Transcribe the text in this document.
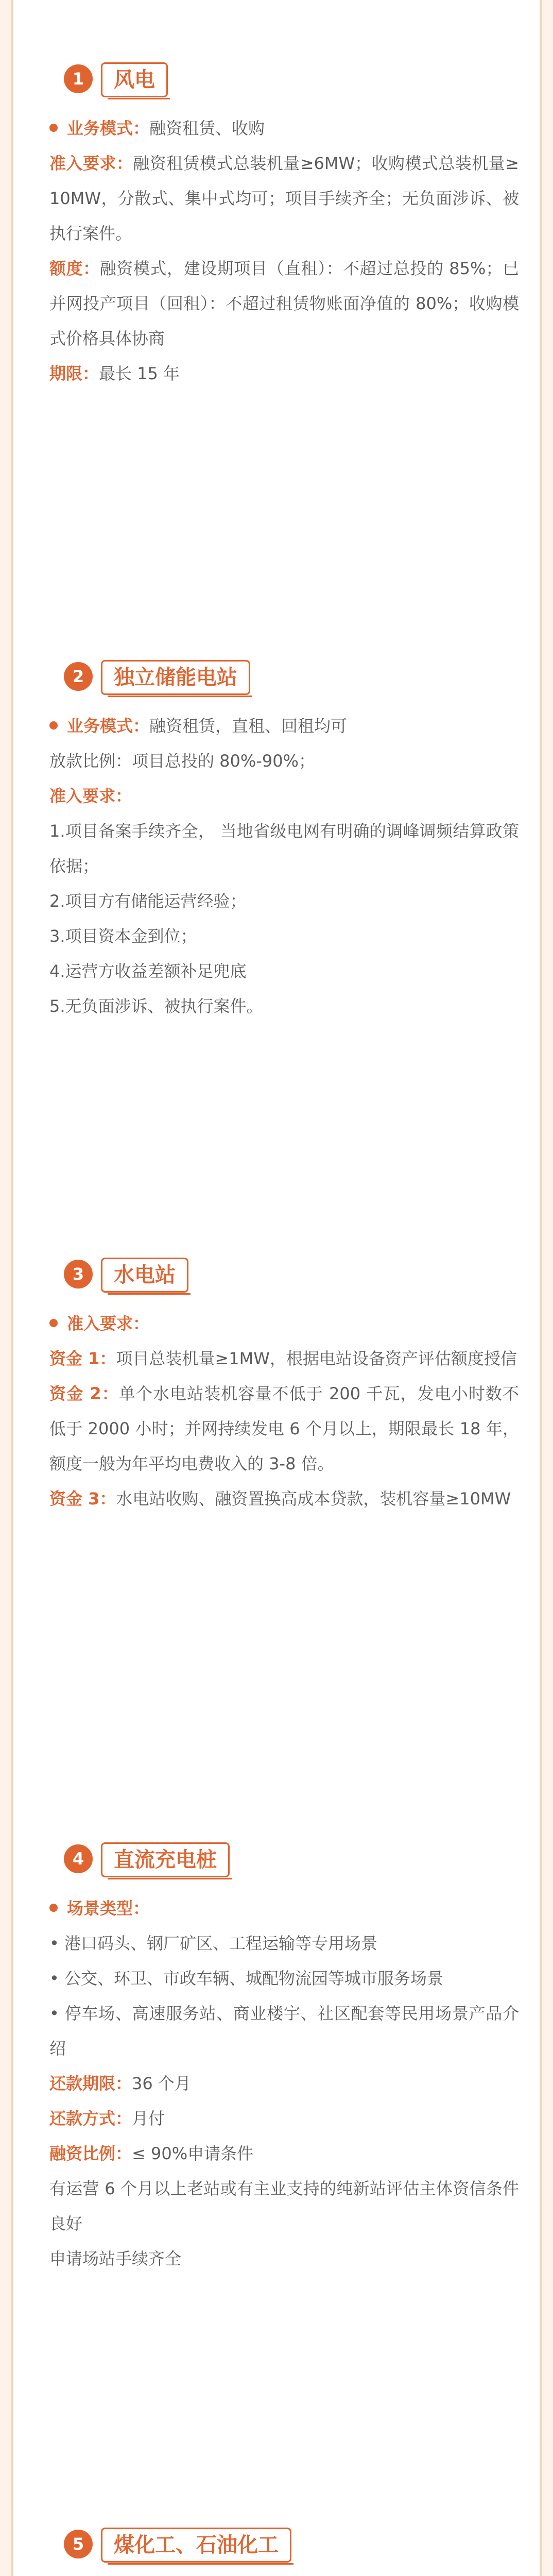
1	风电
业务模式：融资租赁、收购
准入要求：融资租赁模式总装机量≥6MW；收购模式总装机量≥ 10MW，分散式、集中式均可；项目手续齐全；无负面涉诉、被执行案件。
额度：融资模式，建设期项目（直租）：不超过总投的 85%；已并网投产项目（回租）：不超过租赁物账面净值的 80%；收购模式价格具体协商
期限：最长 15 年
2	独立储能电站
业务模式：融资租赁，直租、回租均可
放款比例：项目总投的 80%-90%；
准入要求：
1.项目备案手续齐全， 当地省级电网有明确的调峰调频结算政策依据；
2.项目方有储能运营经验；
3.项目资本金到位；
4.运营方收益差额补足兜底
5.无负面涉诉、被执行案件。
3	水电站
准入要求：
资金 1：项目总装机量≥1MW，根据电站设备资产评估额度授信
资金 2：单个水电站装机容量不低于 200 千瓦，发电小时数不低于 2000 小时；并网持续发电 6 个月以上，期限最长 18 年，额度一般为年平均电费收入的 3-8 倍。
资金 3：水电站收购、融资置换高成本贷款，装机容量≥10MW
4	直流充电桩
场景类型：
• 港口码头、钢厂矿区、工程运输等专用场景
• 公交、环卫、市政车辆、城配物流园等城市服务场景
• 停车场、高速服务站、商业楼宇、社区配套等民用场景产品介绍
还款期限：36 个月
还款方式：月付
融资比例：≤ 90%申请条件
有运营 6 个月以上老站或有主业支持的纯新站评估主体资信条件良好
申请场站手续齐全
5	煤化工、石油化工
